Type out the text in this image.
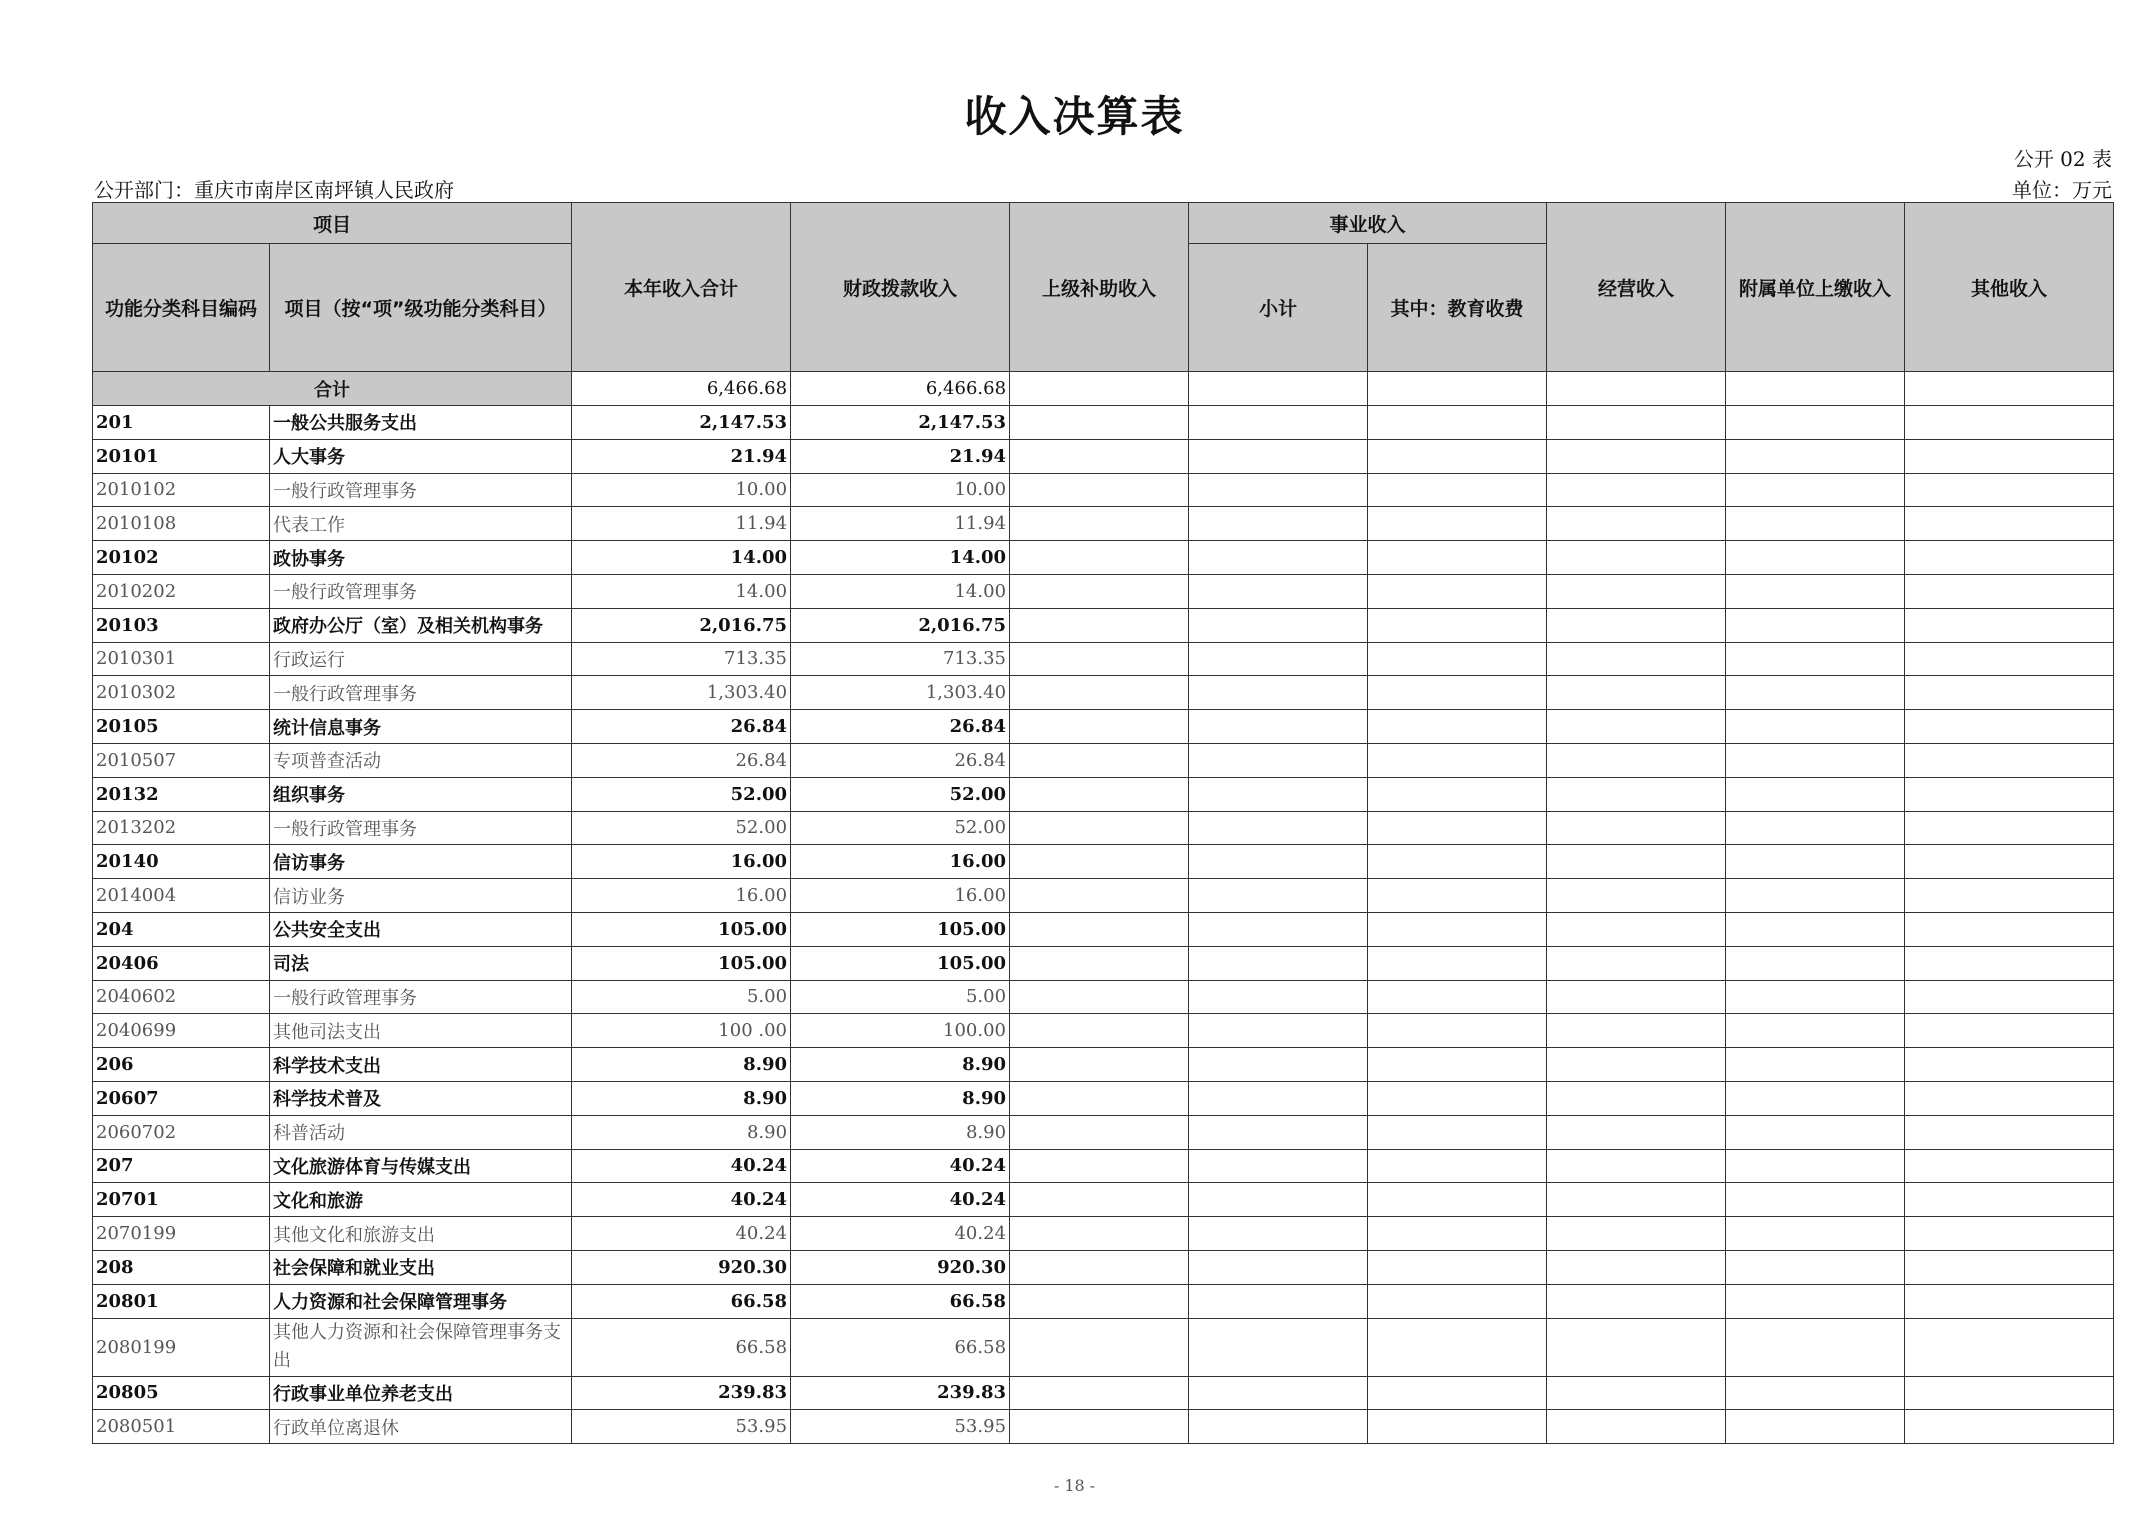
收入决算表
公开 02 表
公开部门：重庆市南岸区南坪镇人民政府	单位：万元
项目		本年收入合计	财政拨款收入	上级补助收入	事业收入		经营收入	附属单位上缴收入	其他收入
功能分类科目编码	项目（按“项”级功能分类科目）				小计	其中：教育收费			
合计		6,466.68	6,466.68						
201	一般公共服务支出	2,147.53	2,147.53						
20101	人大事务	21.94	21.94						
2010102	一般行政管理事务	10.00	10.00						
2010108	代表工作	11.94	11.94						
20102	政协事务	14.00	14.00						
2010202	一般行政管理事务	14.00	14.00						
20103	政府办公厅（室）及相关机构事务	2,016.75	2,016.75						
2010301	行政运行	713.35	713.35						
2010302	一般行政管理事务	1,303.40	1,303.40						
20105	统计信息事务	26.84	26.84						
2010507	专项普查活动	26.84	26.84						
20132	组织事务	52.00	52.00						
2013202	一般行政管理事务	52.00	52.00						
20140	信访事务	16.00	16.00						
2014004	信访业务	16.00	16.00						
204	公共安全支出	105.00	105.00						
20406	司法	105.00	105.00						
2040602	一般行政管理事务	5.00	5.00						
2040699	其他司法支出	100 .00	100.00						
206	科学技术支出	8.90	8.90						
20607	科学技术普及	8.90	8.90						
2060702	科普活动	8.90	8.90						
207	文化旅游体育与传媒支出	40.24	40.24						
20701	文化和旅游	40.24	40.24						
2070199	其他文化和旅游支出	40.24	40.24						
208	社会保障和就业支出	920.30	920.30						
20801	人力资源和社会保障管理事务	66.58	66.58						
2080199	其他人力资源和社会保障管理事务支出	66.58	66.58						
20805	行政事业单位养老支出	239.83	239.83						
2080501	行政单位离退休	53.95	53.95						
- 18 -
